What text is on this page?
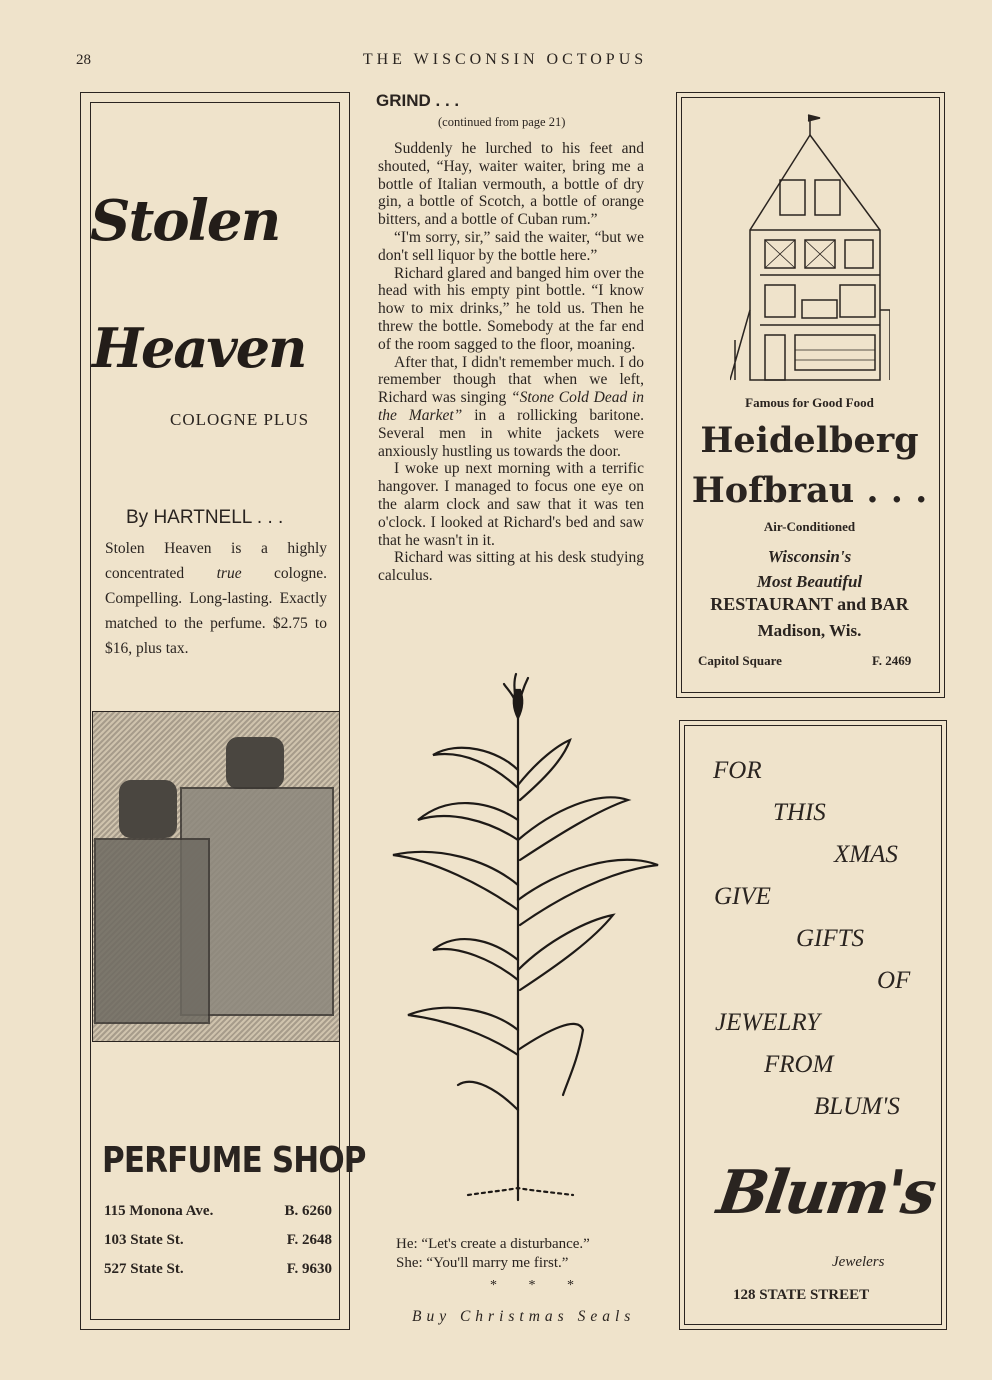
28	THE WISCONSIN OCTOPUS
Stolen
Heaven
COLOGNE PLUS
By HARTNELL . . .
Stolen Heaven is a highly concentrated true cologne. Compelling. Long-lasting. Exactly matched to the perfume. $2.75 to $16, plus tax.
PERFUME SHOP
115 Monona Ave.	B. 6260
103 State St.	F. 2648
527 State St.	F. 9630
GRIND . . .
(continued from page 21)

Suddenly he lurched to his feet and shouted, “Hay, waiter waiter, bring me a bottle of Italian vermouth, a bottle of dry gin, a bottle of Scotch, a bottle of orange bitters, and a bottle of Cuban rum.”

“I'm sorry, sir,” said the waiter, “but we don't sell liquor by the bottle here.”

Richard glared and banged him over the head with his empty pint bottle. “I know how to mix drinks,” he told us. Then he threw the bottle. Somebody at the far end of the room sagged to the floor, moaning.

After that, I didn't remember much. I do remember though that when we left, Richard was singing “Stone Cold Dead in the Market” in a rollicking baritone. Several men in white jackets were anxiously hustling us towards the door.

I woke up next morning with a terrific hangover. I managed to focus one eye on the alarm clock and saw that it was ten o'clock. I looked at Richard's bed and saw that he wasn't in it.

Richard was sitting at his desk studying calculus.

He: “Let's create a disturbance.”
She: “You'll marry me first.”
* * *
Buy Christmas Seals
Famous for Good Food
Heidelberg
Hofbrau . . .
Air-Conditioned
Wisconsin's
Most Beautiful
RESTAURANT and BAR
Madison, Wis.
Capitol Square	F. 2469
FOR
THIS
XMAS
GIVE
GIFTS
OF
JEWELRY
FROM
BLUM'S
Blum's
Jewelers
128 STATE STREET
